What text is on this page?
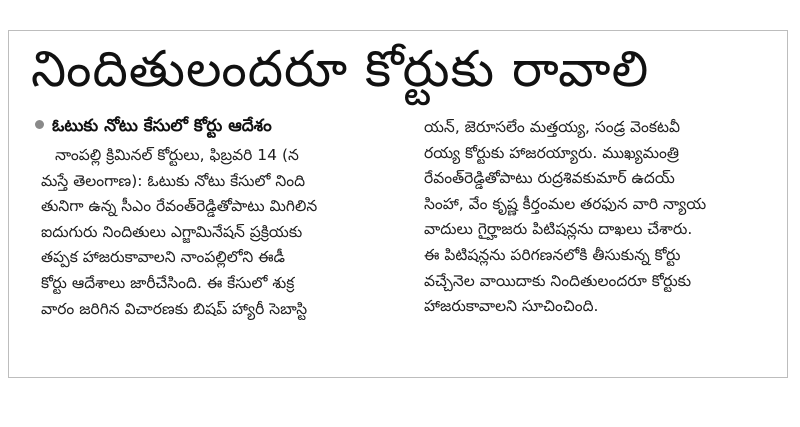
నిందితులందరూ కోర్టుకు రావాలి
ఓటుకు నోటు కేసులో కోర్టు ఆదేశం
నాంపల్లి క్రిమినల్ కోర్టులు, ఫిబ్రవరి 14 (న
మస్తే తెలంగాణ): ఓటుకు నోటు కేసులో నింది
తునిగా ఉన్న సీఎం రేవంత్‌రెడ్డితోపాటు మిగిలిన
ఐదుగురు నిందితులు ఎగ్జామినేషన్ ప్రక్రియకు
తప్పక హాజరుకావాలని నాంపల్లిలోని ఈడీ
కోర్టు ఆదేశాలు జారీచేసింది. ఈ కేసులో శుక్ర
వారం జరిగిన విచారణకు బిషప్ హ్యారీ సెబాస్టి
యన్, జెరూసలేం మత్తయ్య, సండ్ర వెంకటవీ
రయ్య కోర్టుకు హాజరయ్యారు. ముఖ్యమంత్రి
రేవంత్‌రెడ్డితోపాటు రుద్రశివకుమార్ ఉదయ్
సింహా, వేం కృష్ణ కీర్తంమల తరఫున వారి న్యాయ
వాదులు గైర్హాజరు పిటిషన్లను దాఖలు చేశారు.
ఈ పిటిషన్లను పరిగణనలోకి తీసుకున్న కోర్టు
వచ్చేనెల వాయిదాకు నిందితులందరూ కోర్టుకు
హాజరుకావాలని సూచించింది.
